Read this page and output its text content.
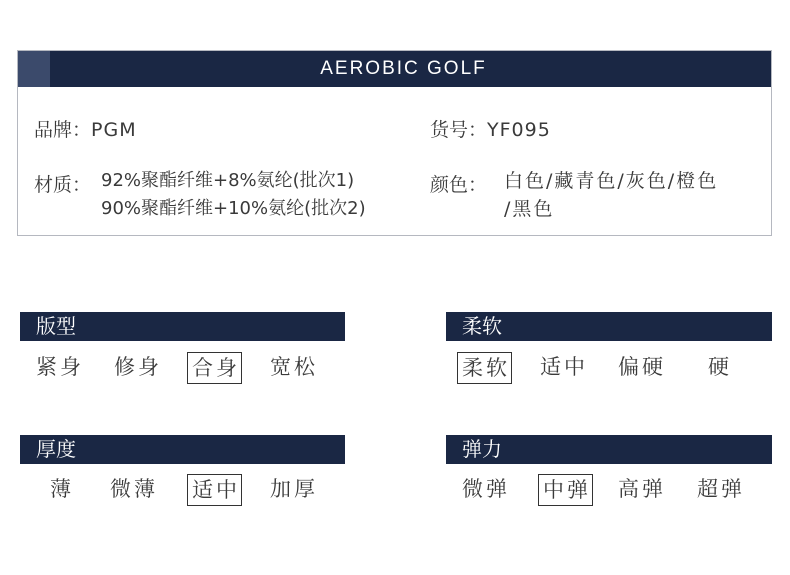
AEROBIC GOLF
品牌：PGM	货号：YF095
材质： 92%聚酯纤维+8%氨纶(批次1)
90%聚酯纤维+10%氨纶(批次2)
颜色： 白色/藏青色/灰色/橙色
/黑色
版型
紧身 修身 合身 宽松
柔软
柔软 适中 偏硬 硬
厚度
薄 微薄 适中 加厚
弹力
微弹 中弹 高弹 超弹
